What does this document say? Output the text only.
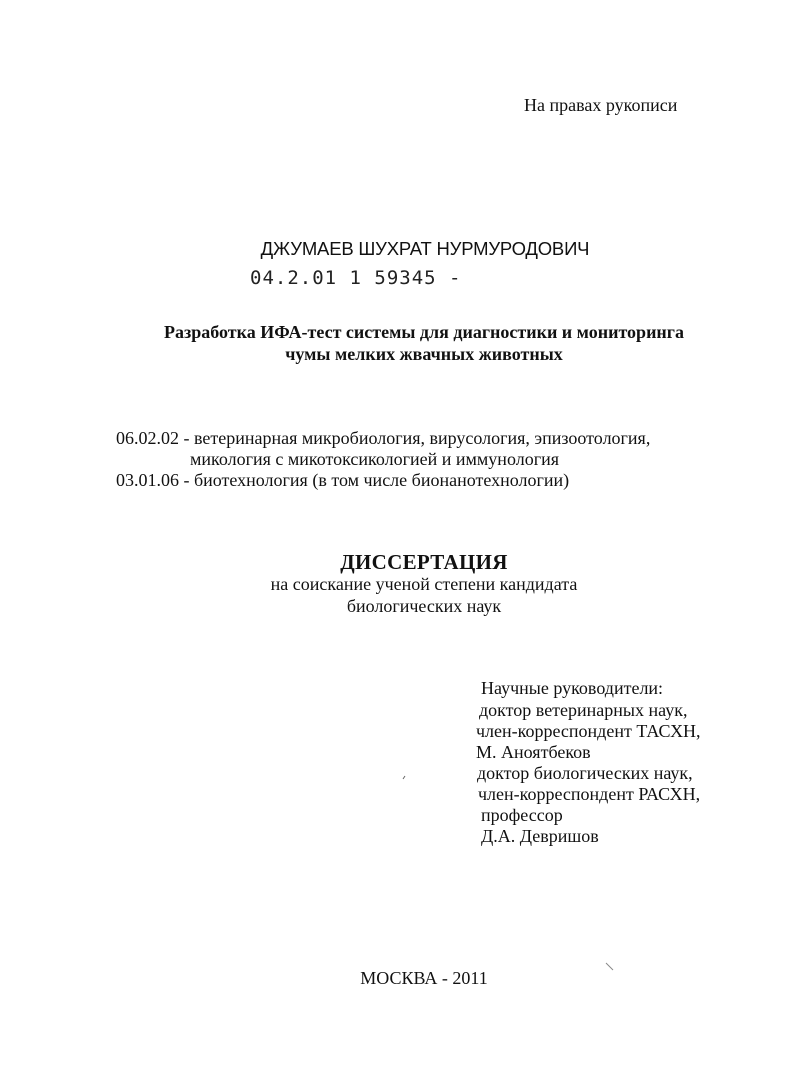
На правах рукописи
ДЖУМАЕВ ШУХРАТ НУРМУРОДОВИЧ
04.2.01 1 59345 -
Разработка ИФА-тест системы для диагностики и мониторинга
чумы мелких жвачных животных
06.02.02 - ветеринарная микробиология, вирусология, эпизоотология,
микология с микотоксикологией и иммунология
03.01.06 - биотехнология (в том числе бионанотехнологии)
ДИССЕРТАЦИЯ
на соискание ученой степени кандидата
биологических наук
Научные руководители:
доктор ветеринарных наук,
член-корреспондент ТАСХН,
М. Аноятбеков
доктор биологических наук,
член-корреспондент РАСХН,
профессор
Д.А. Девришов
МОСКВА - 2011
